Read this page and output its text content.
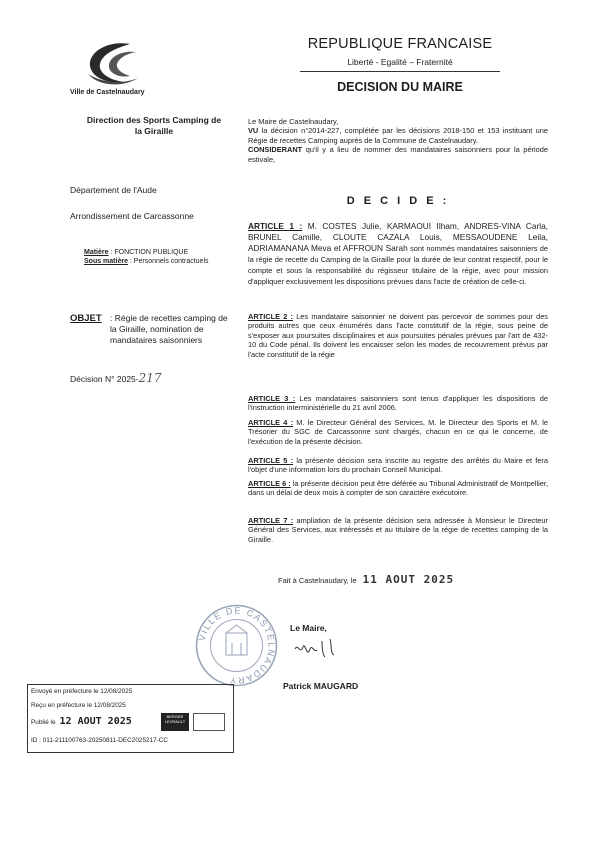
Ville de Castelnaudary
REPUBLIQUE FRANCAISE
Liberté - Egalité – Fraternité
DECISION DU MAIRE
Direction des Sports Camping de la Giraille
Département de l'Aude
Arrondissement de Carcassonne
Matière : FONCTION PUBLIQUE
Sous matière : Personnels contractuels
OBJET : Régie de recettes camping de la Giraille, nomination de mandataires saisonniers
Décision N° 2025-217
Le Maire de Castelnaudary,
VU la décision n°2014-227, complétée par les décisions 2018-150 et 153 instituant une Régie de recettes Camping auprès de la Commune de Castelnaudary.
CONSIDERANT qu'il y a lieu de nommer des mandataires saisonniers pour la période estivale,
D E C I D E :
ARTICLE 1 : M. COSTES Julie, KARMAOUI Ilham, ANDRES-VINA Carla, BRUNEL Camille, CLOUTE CAZALA Louis, MESSAOUDENE Leila, ADRIAMANANA Meva et AFFROUN Sarah sont nommés mandataires saisonniers de la régie de recette du Camping de la Giraille pour la durée de leur contrat respectif, pour le compte et sous la responsabilité du régisseur titulaire de la régie, avec pour mission d'appliquer exclusivement les dispositions prévues dans l'acte de création de celle-ci.
ARTICLE 2 : Les mandataire saisonnier ne doivent pas percevoir de sommes pour des produits autres que ceux énumérés dans l'acte constitutif de la régie, sous peine de s'exposer aux poursuites disciplinaires et aux poursuites pénales prévues par l'art de 432-10 du Code pénal. Ils doivent les encaisser selon les modes de recouvrement prévus par l'acte constitutif de la régie
ARTICLE 3 : Les mandataires saisonniers sont tenus d'appliquer les dispositions de l'instruction interministérielle du 21 avril 2006.
ARTICLE 4 : M. le Directeur Général des Services, M. le Directeur des Sports et M. le Trésorier du SGC de Carcassonne sont chargés, chacun en ce qui le concerne, de l'exécution de la présente décision.
ARTICLE 5 : la présente décision sera inscrite au registre des arrêtés du Maire et fera l'objet d'une information lors du prochain Conseil Municipal.
ARTICLE 6 : la présente décision peut être déférée au Tribunal Administratif de Montpellier, dans un délai de deux mois à compter de son caractère exécutoire.
ARTICLE 7 : ampliation de la présente décision sera adressée à Monsieur le Directeur Général des Services, aux intéressés et au titulaire de la régie de recettes camping de la Giraille.
Fait à Castelnaudary, le 11 AOUT 2025
VILLE DE CASTELNAUDARY
Le Maire,
Patrick MAUGARD
Envoyé en préfecture le 12/08/2025
Reçu en préfecture le 12/08/2025
Publié le 12 AOUT 2025
ID : 011-211100763-20250811-DEC2025217-CC
BERGER LEVRAULT
